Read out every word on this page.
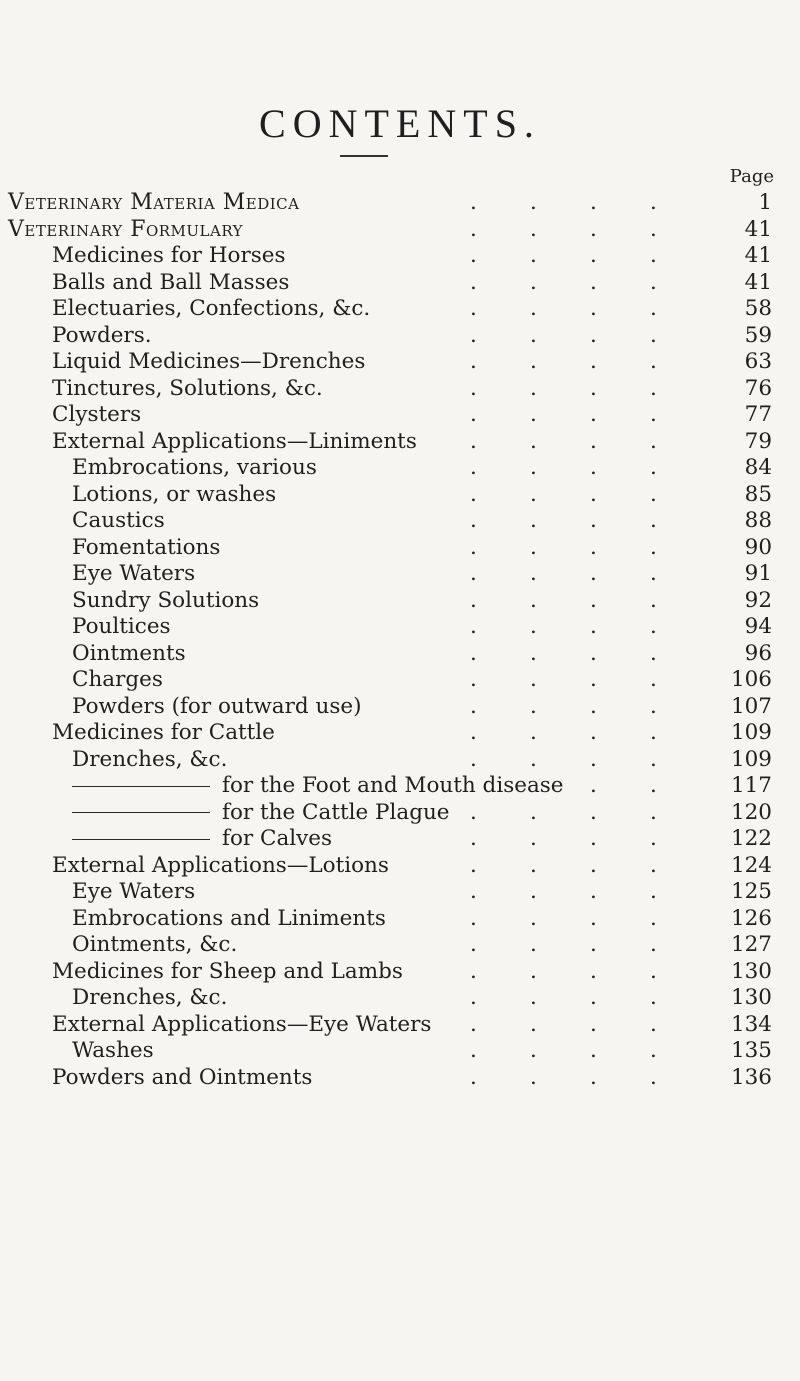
CONTENTS.
Page
Veterinary Materia Medica	. . . .	1
Veterinary Formulary	. . . .	41
Medicines for Horses	. . . .	41
Balls and Ball Masses	. . . .	41
Electuaries, Confections, &c.	. . . .	58
Powders.	. . . .	59
Liquid Medicines—Drenches	. . . .	63
Tinctures, Solutions, &c.	. . . .	76
Clysters	. . . .	77
External Applications—Liniments . . . .	79
Embrocations, various	. . . .	84
Lotions, or washes	. . . .	85
Caustics	. . . .	88
Fomentations	. . . .	90
Eye Waters	. . . .	91
Sundry Solutions	. . . .	92
Poultices	. . . .	94
Ointments	. . . .	96
Charges	. . . .	106
Powders (for outward use)	. . . .	107
Medicines for Cattle	. . . .	109
Drenches, &c.	. . . .	109
for the Foot and Mouth disease . .	117
for the Cattle Plague . . . .	120
for Calves	. . . .	122
External Applications—Lotions	. . . .	124
Eye Waters	. . . .	125
Embrocations and Liniments	. . . .	126
Ointments, &c.	. . . .	127
Medicines for Sheep and Lambs	. . . .	130
Drenches, &c.	. . . .	130
External Applications—Eye Waters . . . .	134
Washes	. . . .	135
Powders and Ointments	. . . .	136
